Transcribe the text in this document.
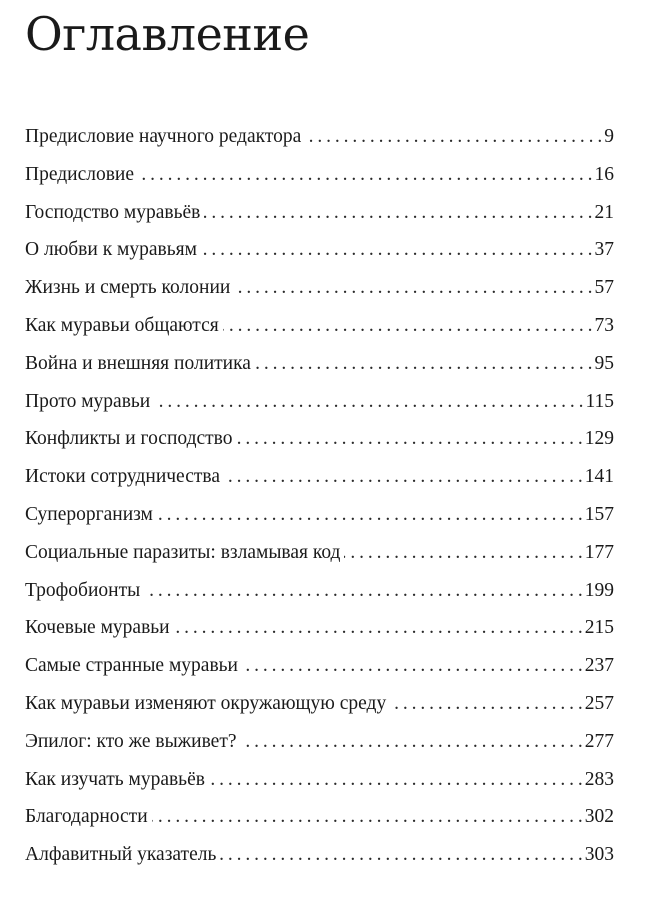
Оглавление
Предисловие научного редактора . . .	9
Предисловие . . .	16
Господство муравьёв . . .	21
О любви к муравьям . . .	37
Жизнь и смерть колонии . . .	57
Как муравьи общаются . . .	73
Война и внешняя политика . . .	95
Прото муравьи . . .	115
Конфликты и господство . . .	129
Истоки сотрудничества . . .	141
Суперорганизм . . .	157
Социальные паразиты: взламывая код . . .	177
Трофобионты . . .	199
Кочевые муравьи . . .	215
Самые странные муравьи . . .	237
Как муравьи изменяют окружающую среду . . .	257
Эпилог: кто же выживет? . . .	277
Как изучать муравьёв . . .	283
Благодарности . . .	302
Алфавитный указатель . . .	303
